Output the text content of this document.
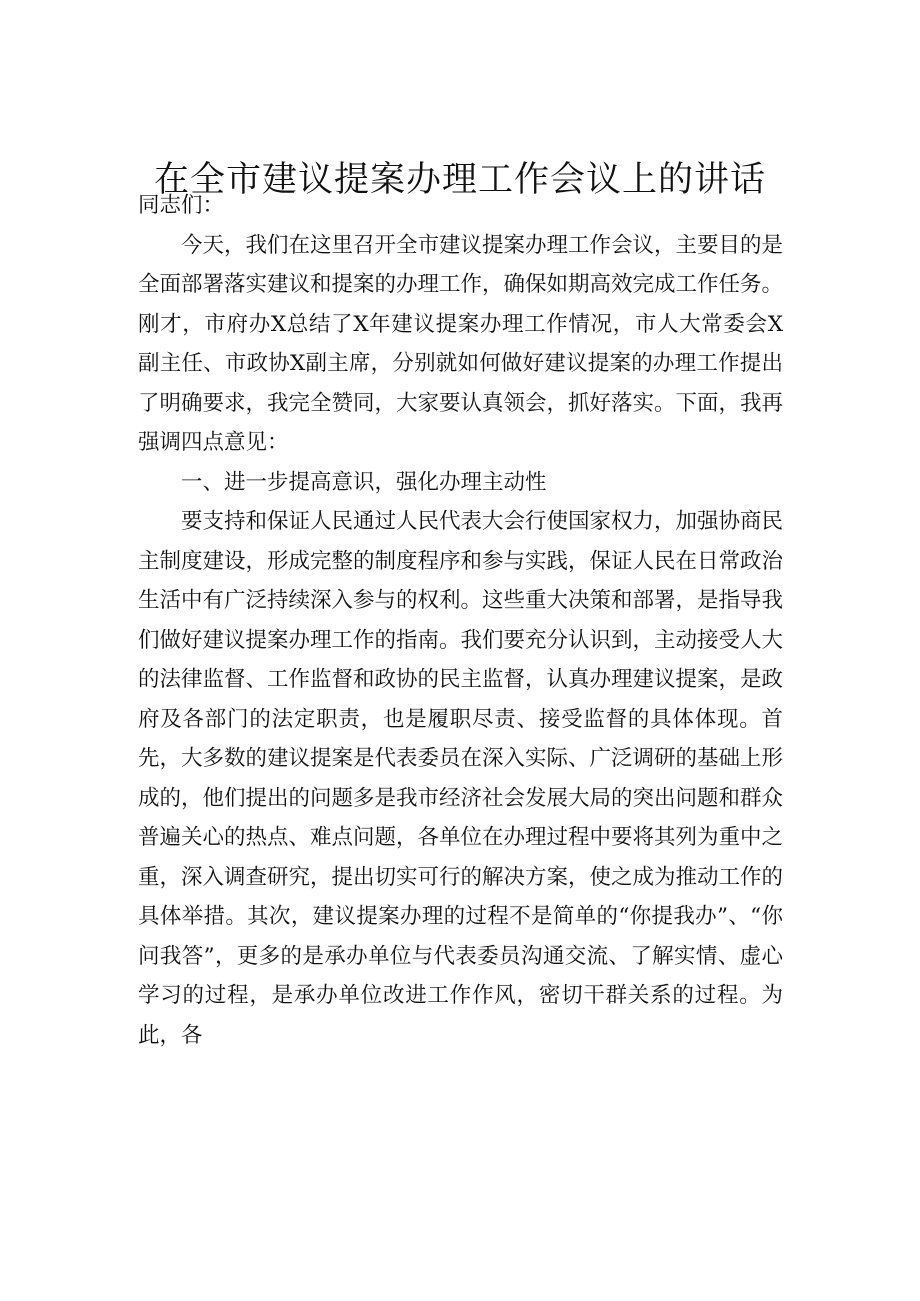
在全市建议提案办理工作会议上的讲话

同志们：

今天，我们在这里召开全市建议提案办理工作会议，主要目的是全面部署落实建议和提案的办理工作，确保如期高效完成工作任务。刚才，市府办X总结了X年建议提案办理工作情况，市人大常委会X副主任、市政协X副主席，分别就如何做好建议提案的办理工作提出了明确要求，我完全赞同，大家要认真领会，抓好落实。下面，我再强调四点意见：

一、进一步提高意识，强化办理主动性

要支持和保证人民通过人民代表大会行使国家权力，加强协商民主制度建设，形成完整的制度程序和参与实践，保证人民在日常政治生活中有广泛持续深入参与的权利。这些重大决策和部署，是指导我们做好建议提案办理工作的指南。我们要充分认识到，主动接受人大的法律监督、工作监督和政协的民主监督，认真办理建议提案，是政府及各部门的法定职责，也是履职尽责、接受监督的具体体现。首先，大多数的建议提案是代表委员在深入实际、广泛调研的基础上形成的，他们提出的问题多是我市经济社会发展大局的突出问题和群众普遍关心的热点、难点问题，各单位在办理过程中要将其列为重中之重，深入调查研究，提出切实可行的解决方案，使之成为推动工作的具体举措。其次，建议提案办理的过程不是简单的“你提我办”、“你问我答”，更多的是承办单位与代表委员沟通交流、了解实情、虚心学习的过程，是承办单位改进工作作风，密切干群关系的过程。为此，各
